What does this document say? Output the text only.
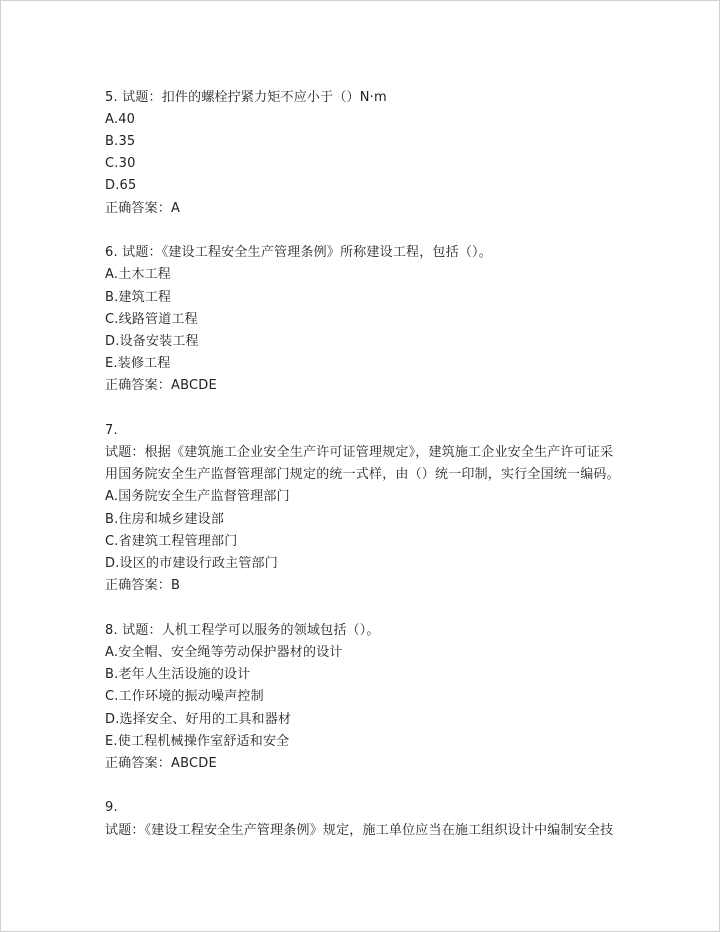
5. 试题：扣件的螺栓拧紧力矩不应小于（）N·m
A.40
B.35
C.30
D.65
正确答案：A
6. 试题：《建设工程安全生产管理条例》所称建设工程，包括（）。
A.土木工程
B.建筑工程
C.线路管道工程
D.设备安装工程
E.装修工程
正确答案：ABCDE
7.
试题：根据《建筑施工企业安全生产许可证管理规定》，建筑施工企业安全生产许可证采
用国务院安全生产监督管理部门规定的统一式样，由（）统一印制，实行全国统一编码。
A.国务院安全生产监督管理部门
B.住房和城乡建设部
C.省建筑工程管理部门
D.设区的市建设行政主管部门
正确答案：B
8. 试题：人机工程学可以服务的领域包括（）。
A.安全帽、安全绳等劳动保护器材的设计
B.老年人生活设施的设计
C.工作环境的振动噪声控制
D.选择安全、好用的工具和器材
E.使工程机械操作室舒适和安全
正确答案：ABCDE
9.
试题：《建设工程安全生产管理条例》规定，施工单位应当在施工组织设计中编制安全技
